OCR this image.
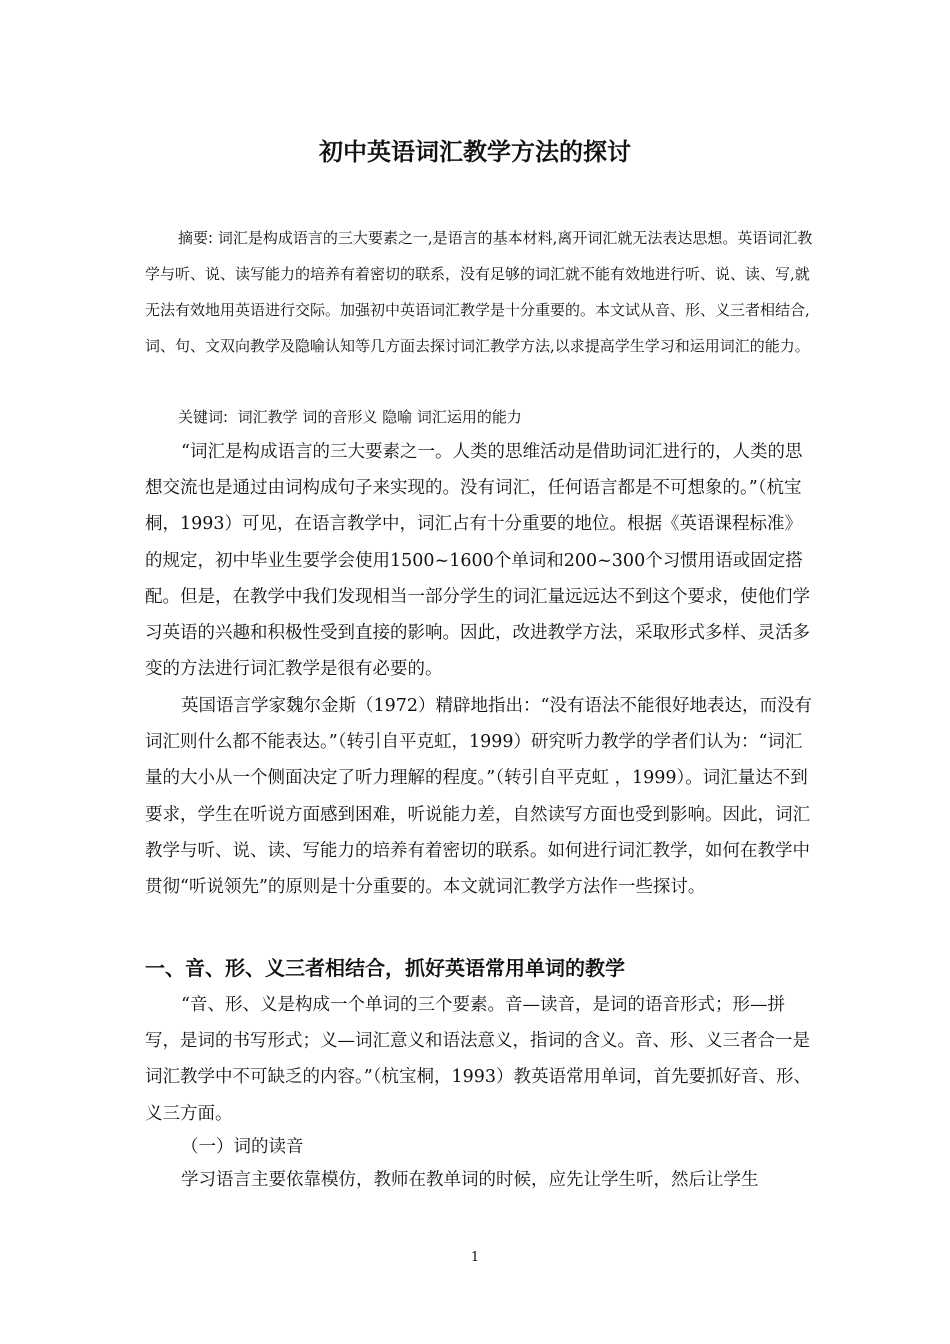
初中英语词汇教学方法的探讨
摘要: 词汇是构成语言的三大要素之一,是语言的基本材料,离开词汇就无法表达思想。英语词汇教学与听、说、读写能力的培养有着密切的联系，没有足够的词汇就不能有效地进行听、说、读、写,就无法有效地用英语进行交际。加强初中英语词汇教学是十分重要的。本文试从音、形、义三者相结合,词、句、文双向教学及隐喻认知等几方面去探讨词汇教学方法,以求提高学生学习和运用词汇的能力。
关键词: 词汇教学 词的音形义 隐喻 词汇运用的能力
“词汇是构成语言的三大要素之一。人类的思维活动是借助词汇进行的，人类的思想交流也是通过由词构成句子来实现的。没有词汇，任何语言都是不可想象的。”（杭宝桐，1993）可见，在语言教学中，词汇占有十分重要的地位。根据《英语课程标准》的规定，初中毕业生要学会使用1500~1600个单词和200~300个习惯用语或固定搭配。但是，在教学中我们发现相当一部分学生的词汇量远远达不到这个要求，使他们学习英语的兴趣和积极性受到直接的影响。因此，改进教学方法，采取形式多样、灵活多变的方法进行词汇教学是很有必要的。
英国语言学家魏尔金斯（1972）精辟地指出：“没有语法不能很好地表达，而没有词汇则什么都不能表达。”（转引自平克虹，1999）研究听力教学的学者们认为：“词汇量的大小从一个侧面决定了听力理解的程度。”（转引自平克虹 ，1999）。词汇量达不到要求，学生在听说方面感到困难，听说能力差，自然读写方面也受到影响。因此，词汇教学与听、说、读、写能力的培养有着密切的联系。如何进行词汇教学，如何在教学中贯彻“听说领先”的原则是十分重要的。本文就词汇教学方法作一些探讨。
一、音、形、义三者相结合，抓好英语常用单词的教学
“音、形、义是构成一个单词的三个要素。音—读音，是词的语音形式；形—拼写，是词的书写形式；义—词汇意义和语法意义，指词的含义。音、形、义三者合一是词汇教学中不可缺乏的内容。”（杭宝桐，1993）教英语常用单词，首先要抓好音、形、义三方面。
（一）词的读音
学习语言主要依靠模仿，教师在教单词的时候，应先让学生听，然后让学生
1
